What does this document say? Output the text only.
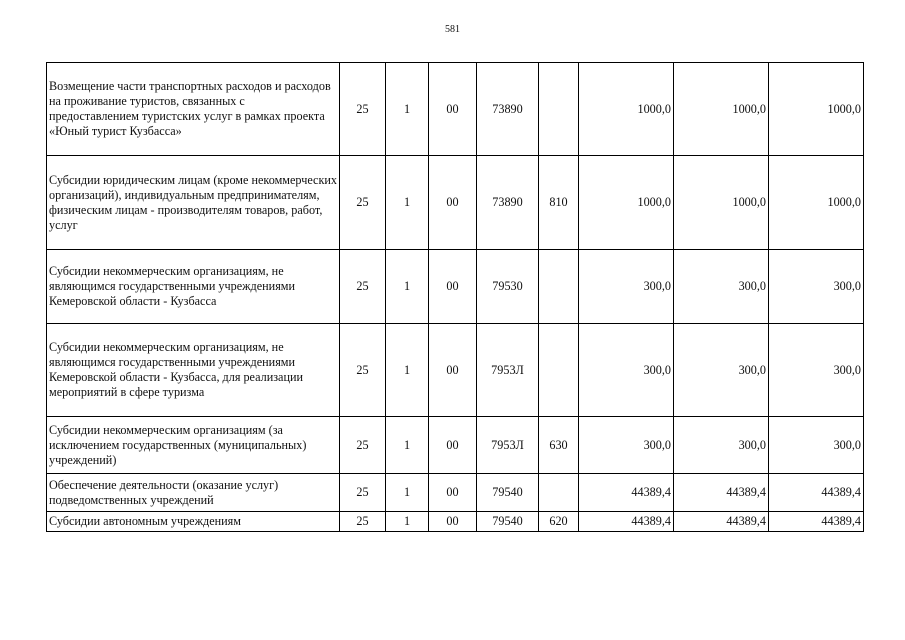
581
Возмещение части транспортных расходов и расходов на проживание туристов, связанных с предоставлением туристских услуг в рамках проекта «Юный турист Кузбасса»	25	1	00	73890		1000,0	1000,0	1000,0
Субсидии юридическим лицам (кроме некоммерческих организаций), индивидуальным предпринимателям, физическим лицам - производителям товаров, работ, услуг	25	1	00	73890	810	1000,0	1000,0	1000,0
Субсидии некоммерческим организациям, не являющимся государственными учреждениями Кемеровской области - Кузбасса	25	1	00	79530		300,0	300,0	300,0
Субсидии некоммерческим организациям, не являющимся государственными учреждениями Кемеровской области - Кузбасса, для реализации мероприятий в сфере туризма	25	1	00	7953Л		300,0	300,0	300,0
Субсидии некоммерческим организациям (за исключением государственных (муниципальных) учреждений)	25	1	00	7953Л	630	300,0	300,0	300,0
Обеспечение деятельности (оказание услуг) подведомственных учреждений	25	1	00	79540		44389,4	44389,4	44389,4
Субсидии автономным учреждениям	25	1	00	79540	620	44389,4	44389,4	44389,4
